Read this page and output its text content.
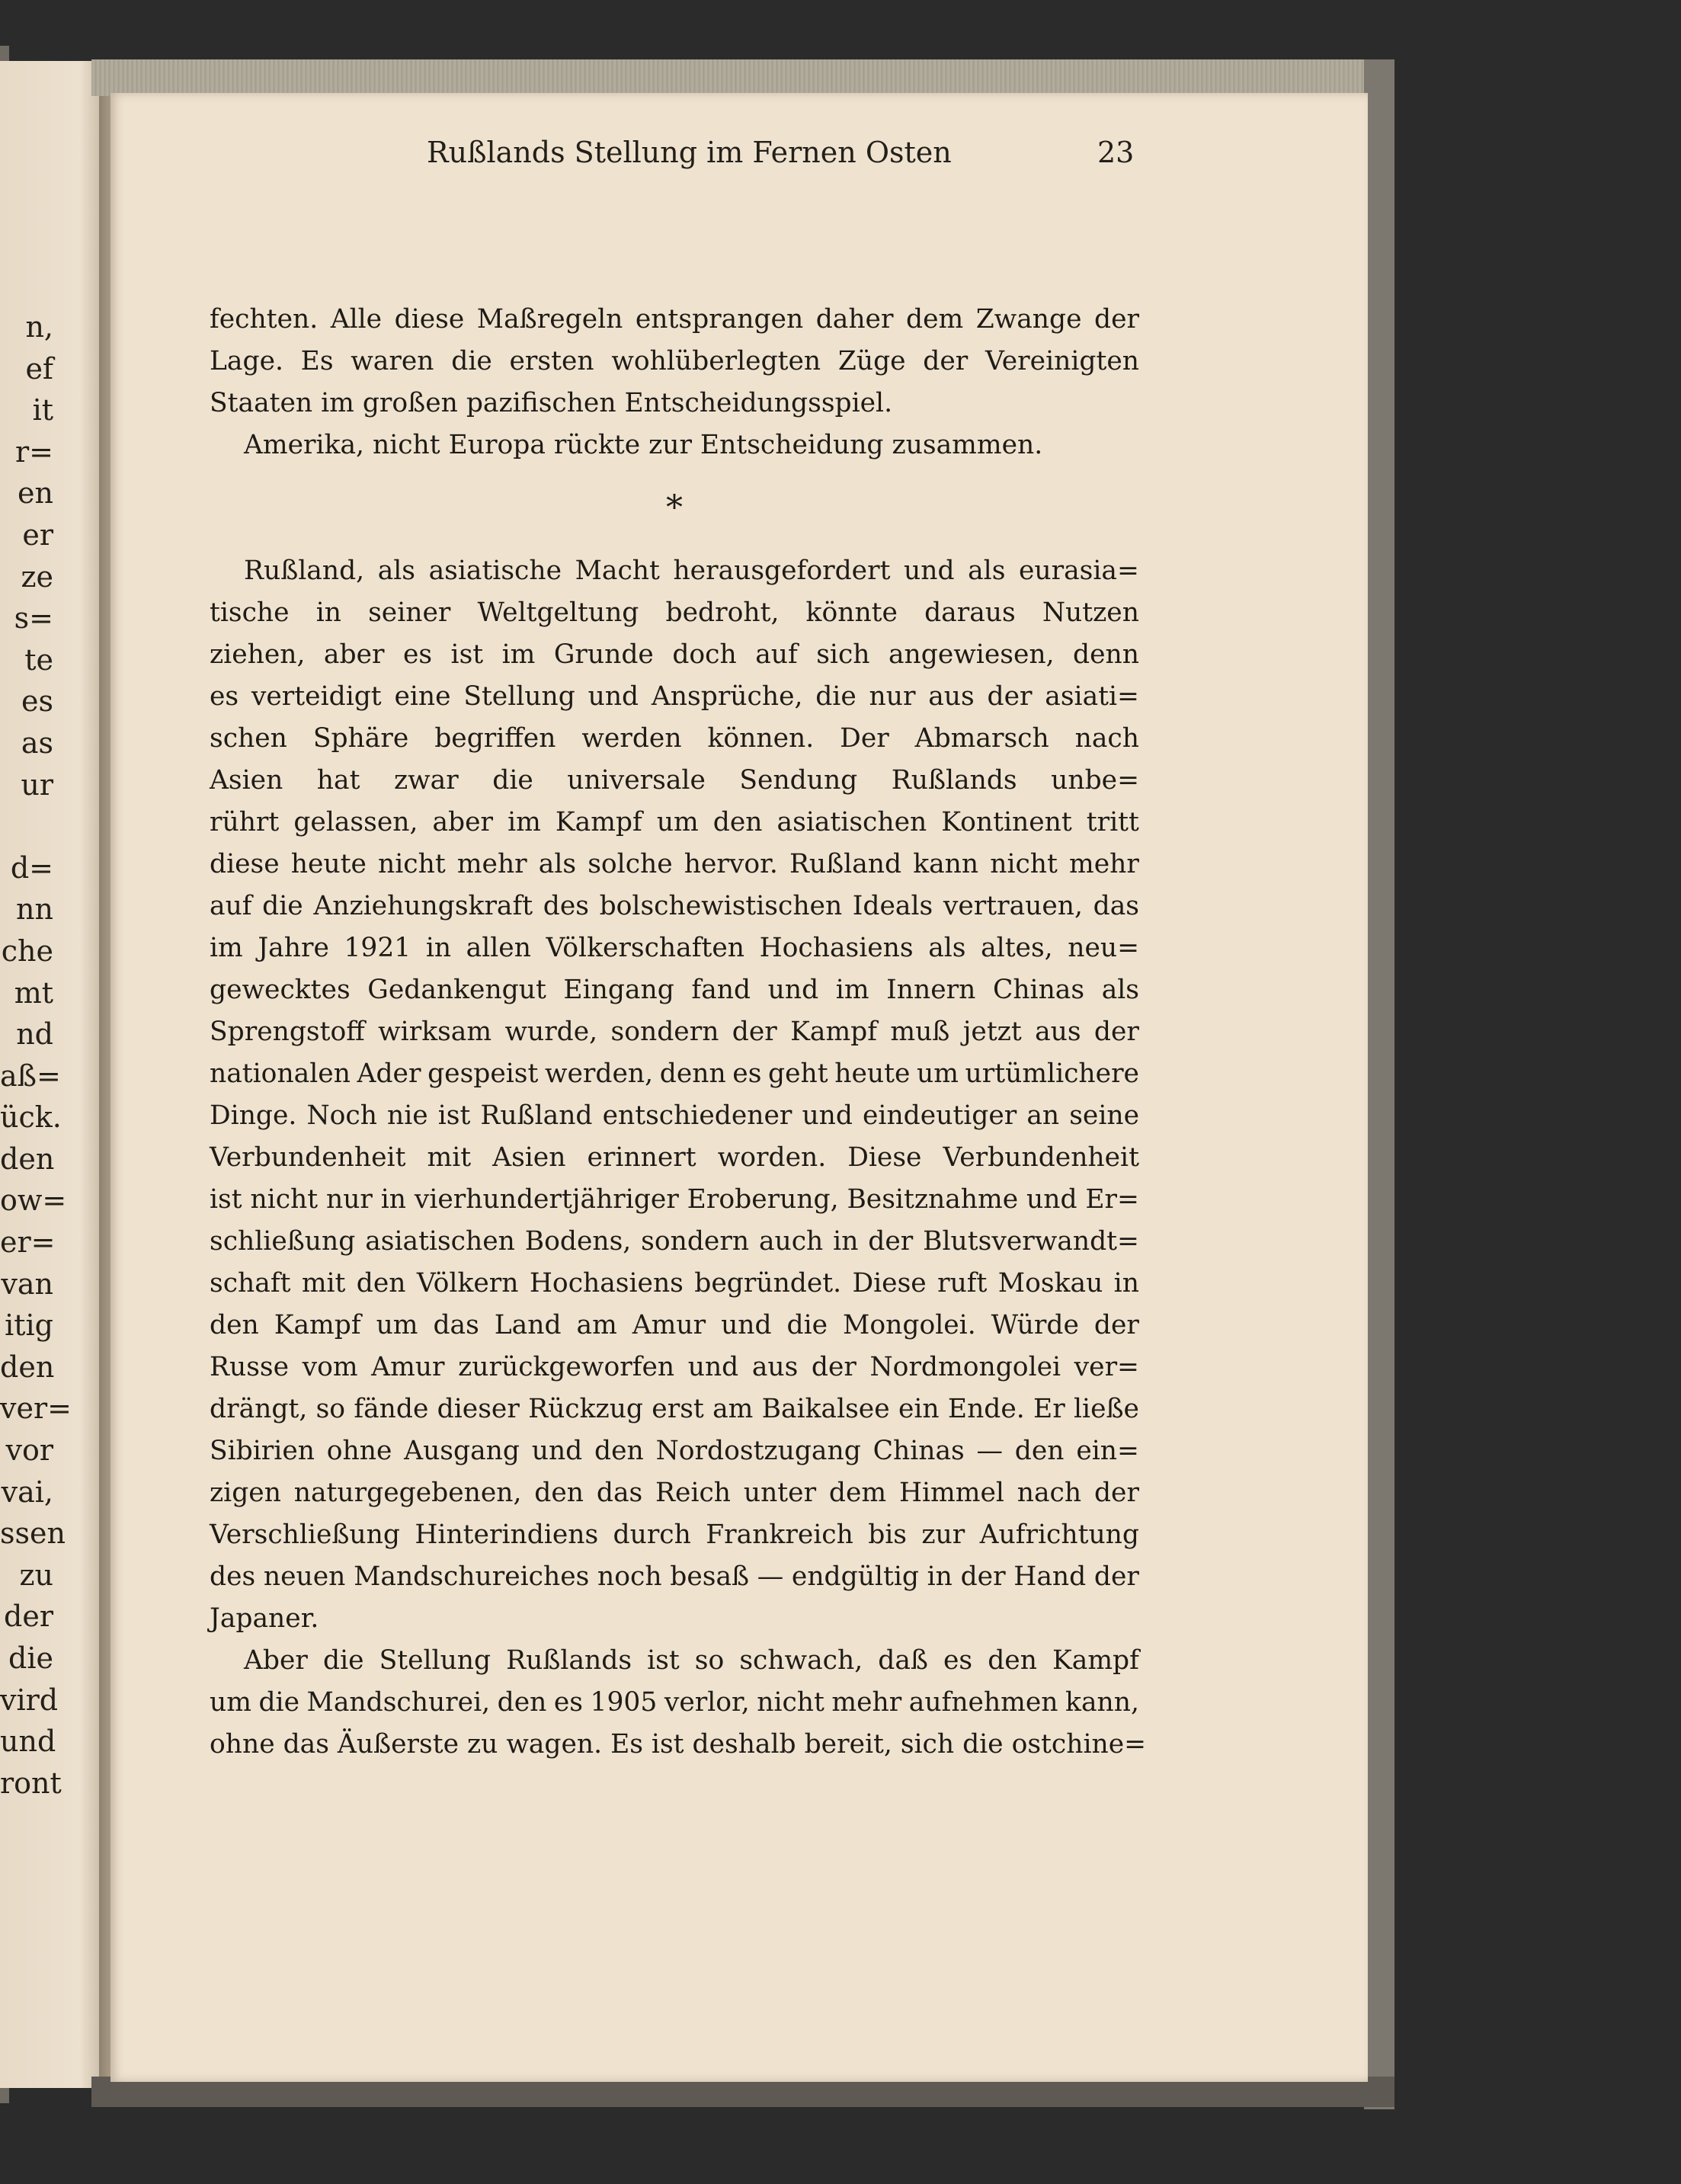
n,
ef
it
r=
en
er
ze
s=
te
es
as
ur

d=
nn
che
mt
nd
aß=
ück.
den
ow=
er=
van
itig
den
ver=
vor
vai,
ssen
zu
der
die
vird
und
ront
Rußlands Stellung im Fernen Osten	23
fechten. Alle diese Maßregeln entsprangen daher dem Zwange der
Lage. Es waren die ersten wohlüberlegten Züge der Vereinigten
Staaten im großen pazifischen Entscheidungsspiel.
Amerika, nicht Europa rückte zur Entscheidung zusammen.
*
Rußland, als asiatische Macht herausgefordert und als eurasia=
tische in seiner Weltgeltung bedroht, könnte daraus Nutzen
ziehen, aber es ist im Grunde doch auf sich angewiesen, denn
es verteidigt eine Stellung und Ansprüche, die nur aus der asiati=
schen Sphäre begriffen werden können. Der Abmarsch nach
Asien hat zwar die universale Sendung Rußlands unbe=
rührt gelassen, aber im Kampf um den asiatischen Kontinent tritt
diese heute nicht mehr als solche hervor. Rußland kann nicht mehr
auf die Anziehungskraft des bolschewistischen Ideals vertrauen, das
im Jahre 1921 in allen Völkerschaften Hochasiens als altes, neu=
gewecktes Gedankengut Eingang fand und im Innern Chinas als
Sprengstoff wirksam wurde, sondern der Kampf muß jetzt aus der
nationalen Ader gespeist werden, denn es geht heute um urtümlichere
Dinge. Noch nie ist Rußland entschiedener und eindeutiger an seine
Verbundenheit mit Asien erinnert worden. Diese Verbundenheit
ist nicht nur in vierhundertjähriger Eroberung, Besitznahme und Er=
schließung asiatischen Bodens, sondern auch in der Blutsverwandt=
schaft mit den Völkern Hochasiens begründet. Diese ruft Moskau in
den Kampf um das Land am Amur und die Mongolei. Würde der
Russe vom Amur zurückgeworfen und aus der Nordmongolei ver=
drängt, so fände dieser Rückzug erst am Baikalsee ein Ende. Er ließe
Sibirien ohne Ausgang und den Nordostzugang Chinas — den ein=
zigen naturgegebenen, den das Reich unter dem Himmel nach der
Verschließung Hinterindiens durch Frankreich bis zur Aufrichtung
des neuen Mandschureiches noch besaß — endgültig in der Hand der
Japaner.
Aber die Stellung Rußlands ist so schwach, daß es den Kampf
um die Mandschurei, den es 1905 verlor, nicht mehr aufnehmen kann,
ohne das Äußerste zu wagen. Es ist deshalb bereit, sich die ostchine=
